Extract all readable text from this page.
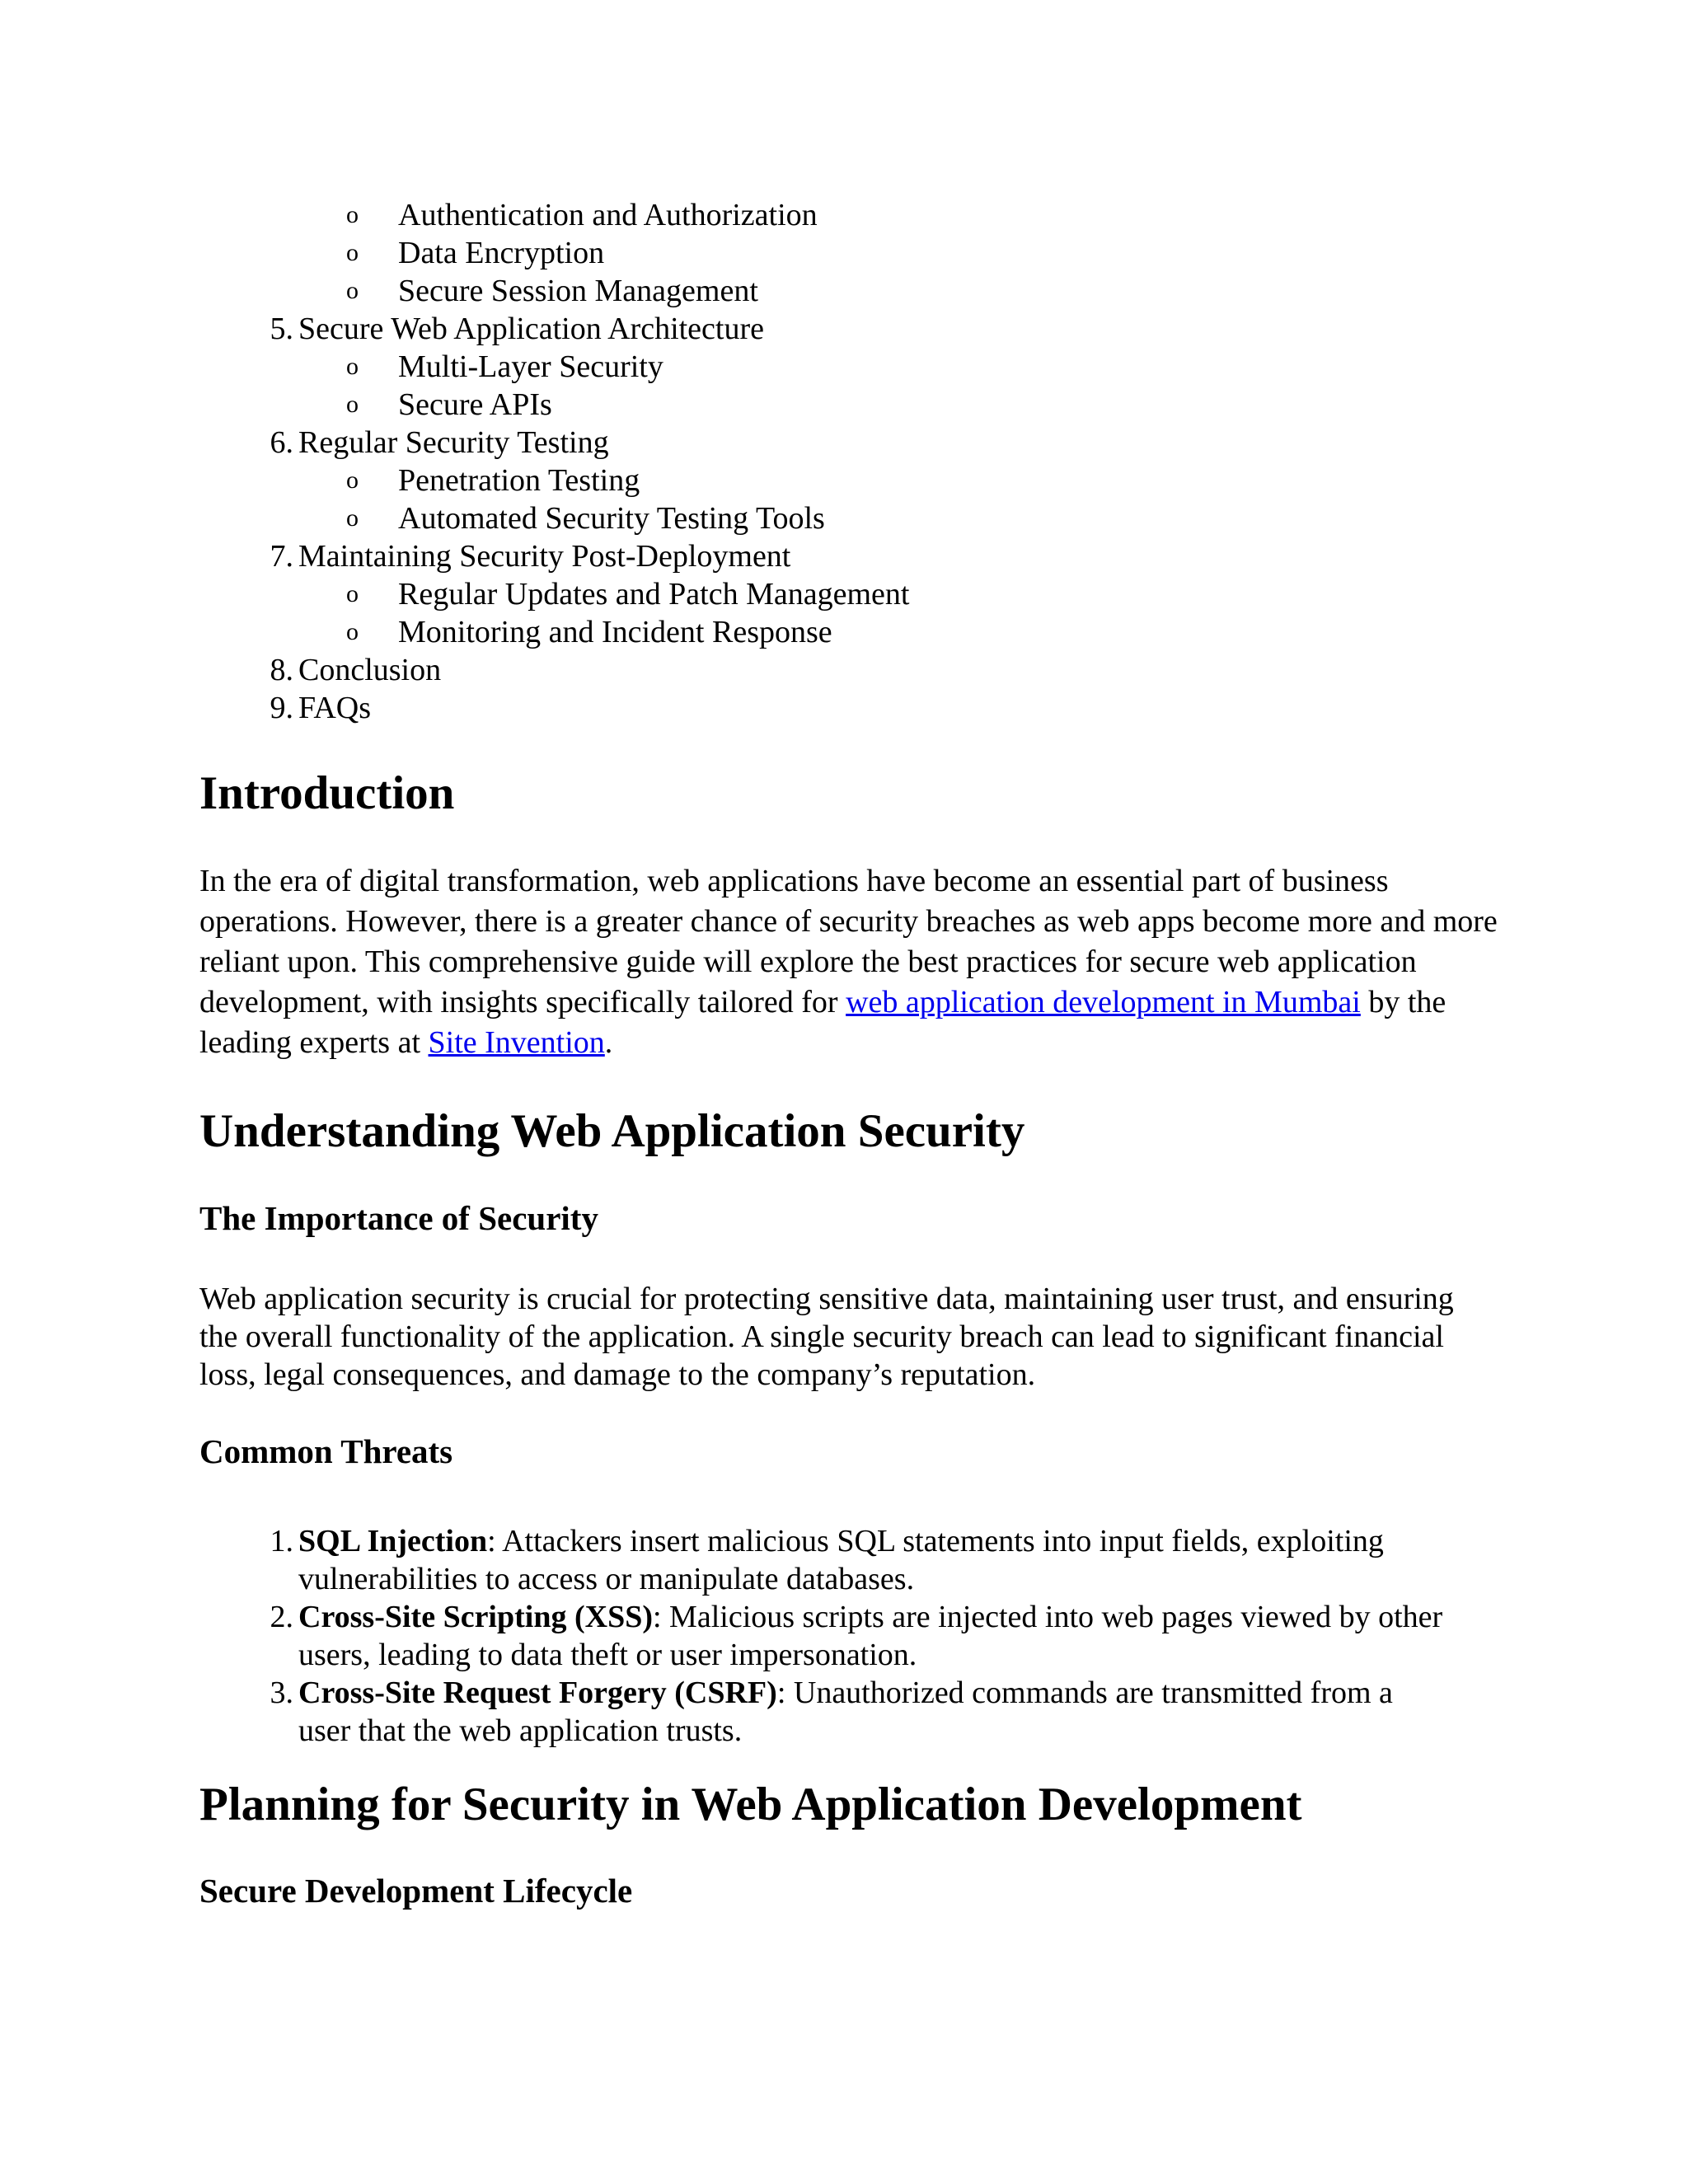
o Authentication and Authorization
o Data Encryption
o Secure Session Management
5. Secure Web Application Architecture
o Multi-Layer Security
o Secure APIs
6. Regular Security Testing
o Penetration Testing
o Automated Security Testing Tools
7. Maintaining Security Post-Deployment
o Regular Updates and Patch Management
o Monitoring and Incident Response
8. Conclusion
9. FAQs
Introduction

In the era of digital transformation, web applications have become an essential part of business operations. However, there is a greater chance of security breaches as web apps become more and more reliant upon. This comprehensive guide will explore the best practices for secure web application development, with insights specifically tailored for web application development in Mumbai by the leading experts at Site Invention.

Understanding Web Application Security
The Importance of Security

Web application security is crucial for protecting sensitive data, maintaining user trust, and ensuring the overall functionality of the application. A single security breach can lead to significant financial loss, legal consequences, and damage to the company’s reputation.

Common Threats
1. SQL Injection: Attackers insert malicious SQL statements into input fields, exploiting vulnerabilities to access or manipulate databases.
2. Cross-Site Scripting (XSS): Malicious scripts are injected into web pages viewed by other users, leading to data theft or user impersonation.
3. Cross-Site Request Forgery (CSRF): Unauthorized commands are transmitted from a user that the web application trusts.
Planning for Security in Web Application Development
Secure Development Lifecycle
